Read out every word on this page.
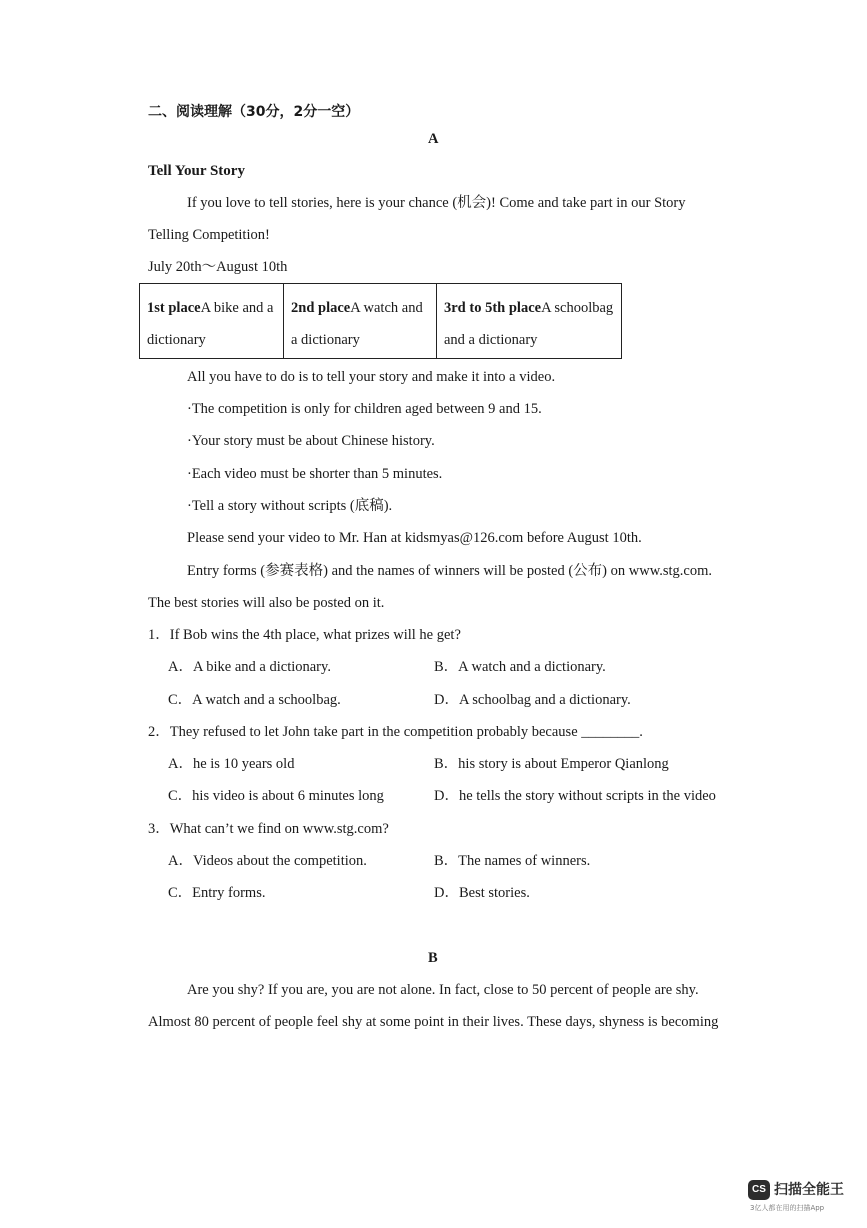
二、阅读理解（30分，2分一空）
A
Tell Your Story
If you love to tell stories, here is your chance (机会)! Come and take part in our Story
Telling Competition!
July 20th～August 10th
1st placeA bike and a dictionary	2nd placeA watch and a dictionary	3rd to 5th placeA schoolbag and a dictionary
All you have to do is to tell your story and make it into a video.
·The competition is only for children aged between 9 and 15.
·Your story must be about Chinese history.
·Each video must be shorter than 5 minutes.
·Tell a story without scripts (底稿).
Please send your video to Mr. Han at kidsmyas@126.com before August 10th.
Entry forms (参赛表格) and the names of winners will be posted (公布) on www.stg.com.
The best stories will also be posted on it.
1．If Bob wins the 4th place, what prizes will he get?
A．A bike and a dictionary.	B．A watch and a dictionary.
C．A watch and a schoolbag.	D．A schoolbag and a dictionary.
2．They refused to let John take part in the competition probably because ________.
A．he is 10 years old	B．his story is about Emperor Qianlong
C．his video is about 6 minutes long	D．he tells the story without scripts in the video
3．What can’t we find on www.stg.com?
A．Videos about the competition.	B．The names of winners.
C．Entry forms.	D．Best stories.
B
Are you shy? If you are, you are not alone. In fact, close to 50 percent of people are shy.
Almost 80 percent of people feel shy at some point in their lives. These days, shyness is becoming
CS 扫描全能王
3亿人都在用的扫描App
